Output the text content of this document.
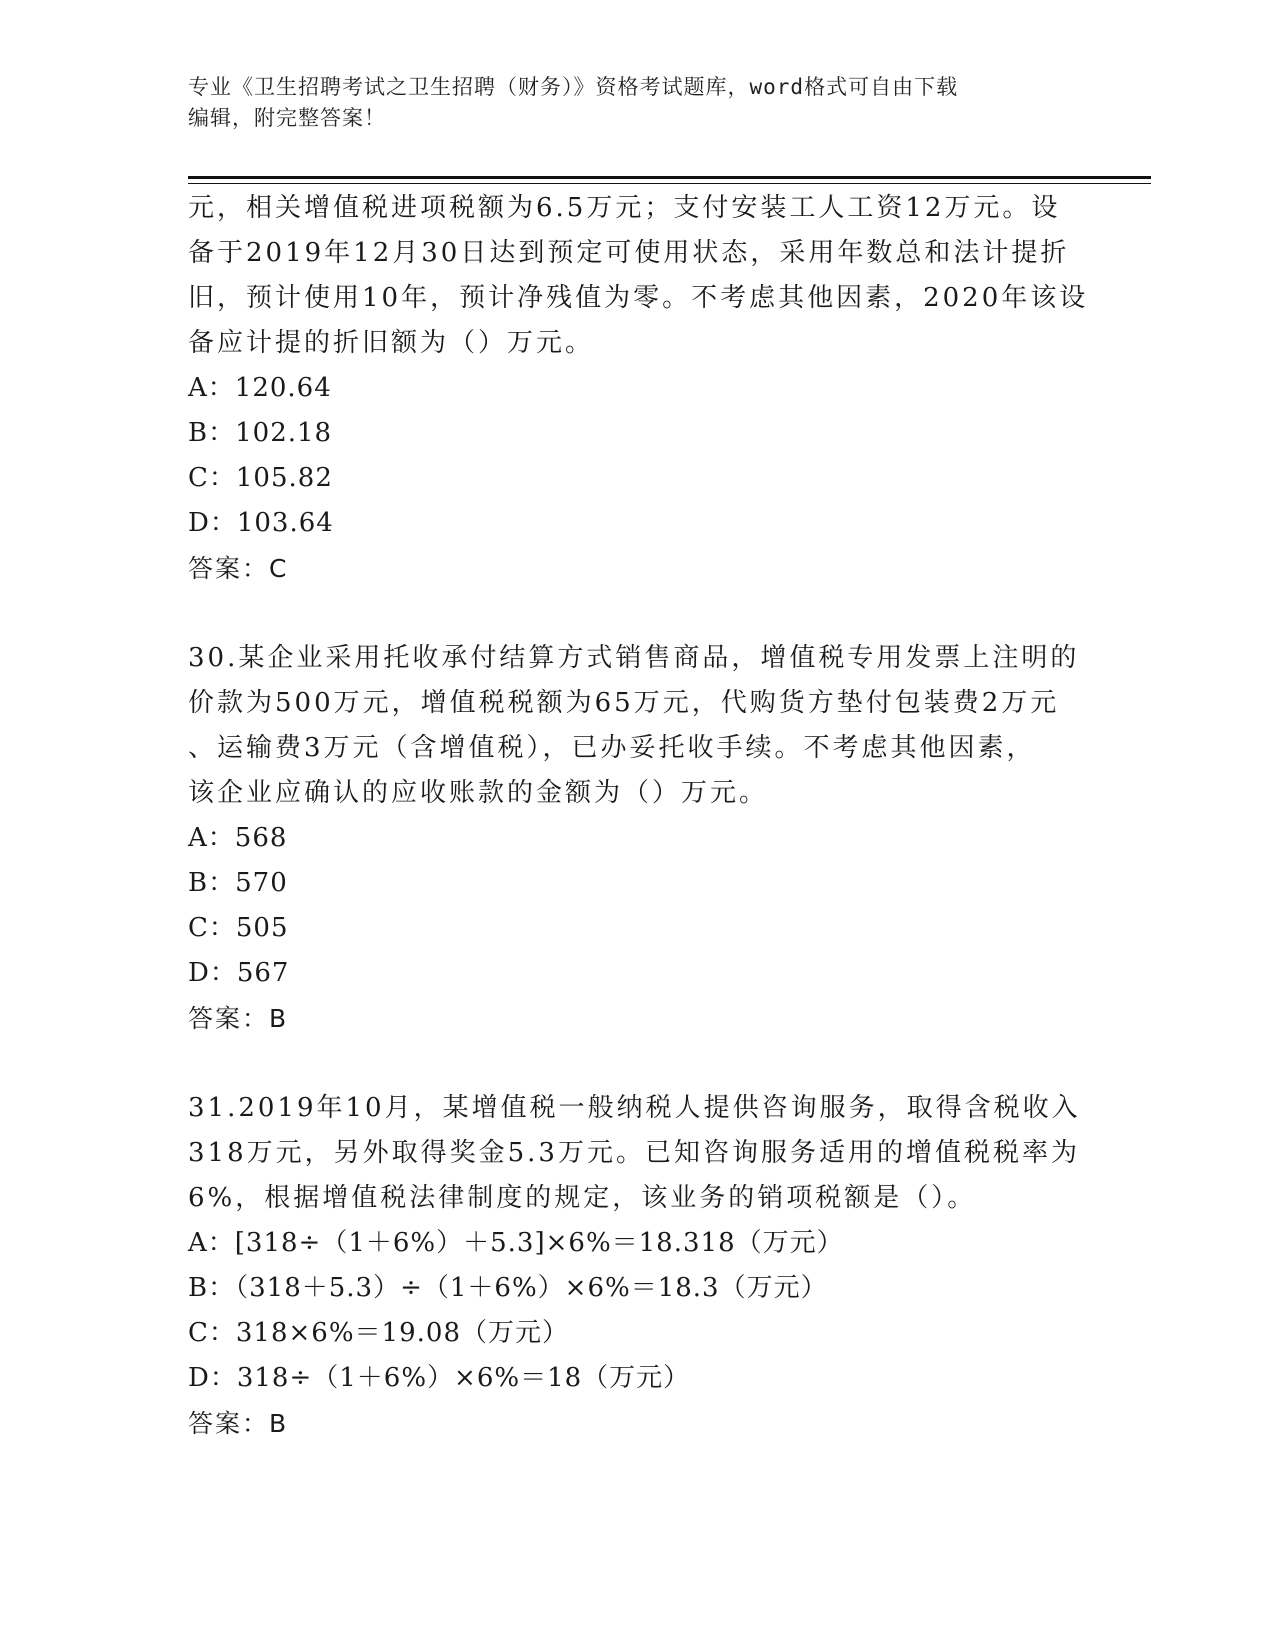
专业《卫生招聘考试之卫生招聘（财务）》资格考试题库，word格式可自由下载
编辑，附完整答案！
元，相关增值税进项税额为6.5万元；支付安装工人工资12万元。设
备于2019年12月30日达到预定可使用状态，采用年数总和法计提折
旧，预计使用10年，预计净残值为零。不考虑其他因素，2020年该设
备应计提的折旧额为（）万元。
A：120.64
B：102.18
C：105.82
D：103.64
答案：C
30.某企业采用托收承付结算方式销售商品，增值税专用发票上注明的
价款为500万元，增值税税额为65万元，代购货方垫付包装费2万元
、运输费3万元（含增值税），已办妥托收手续。不考虑其他因素，
该企业应确认的应收账款的金额为（）万元。
A：568
B：570
C：505
D：567
答案：B
31.2019年10月，某增值税一般纳税人提供咨询服务，取得含税收入
318万元，另外取得奖金5.3万元。已知咨询服务适用的增值税税率为
6%，根据增值税法律制度的规定，该业务的销项税额是（）。
A：[318÷（1＋6%）＋5.3]×6%＝18.318（万元）
B：（318＋5.3）÷（1＋6%）×6%＝18.3（万元）
C：318×6%＝19.08（万元）
D：318÷（1＋6%）×6%＝18（万元）
答案：B
